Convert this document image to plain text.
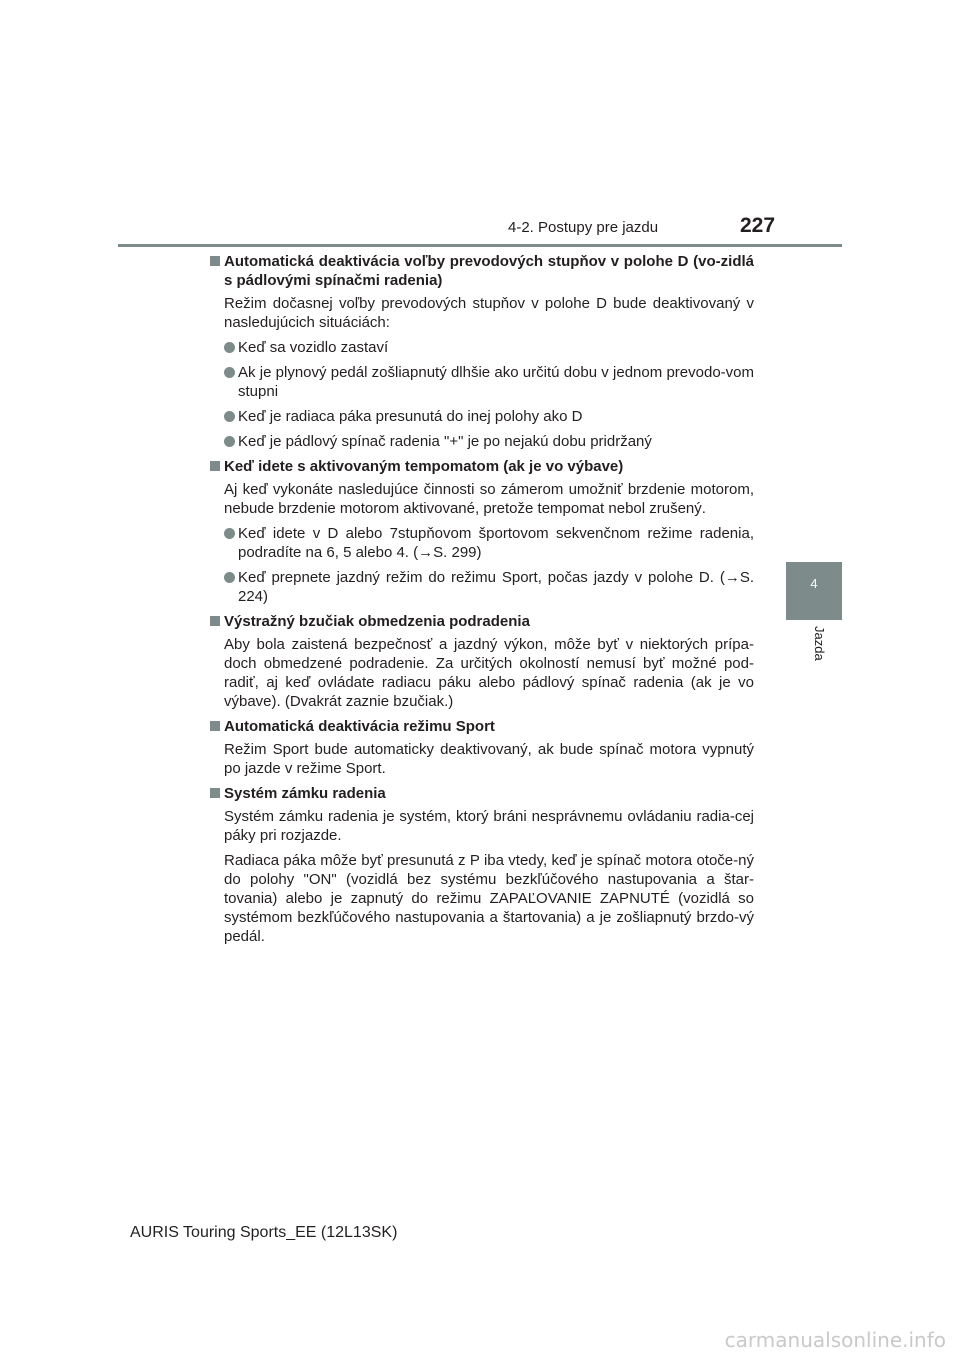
4-2. Postupy pre jazdu	227
4
Jazda
Automatická deaktivácia voľby prevodových stupňov v polohe D (vo-zidlá s pádlovými spínačmi radenia)
Režim dočasnej voľby prevodových stupňov v polohe D bude deaktivovaný v nasledujúcich situáciách:
Keď sa vozidlo zastaví
Ak je plynový pedál zošliapnutý dlhšie ako určitú dobu v jednom prevodo-vom stupni
Keď je radiaca páka presunutá do inej polohy ako D
Keď je pádlový spínač radenia "+" je po nejakú dobu pridržaný
Keď idete s aktivovaným tempomatom (ak je vo výbave)
Aj keď vykonáte nasledujúce činnosti so zámerom umožniť brzdenie motorom, nebude brzdenie motorom aktivované, pretože tempomat nebol zrušený.
Keď idete v D alebo 7stupňovom športovom sekvenčnom režime radenia, podradíte na 6, 5 alebo 4. (→S. 299)
Keď prepnete jazdný režim do režimu Sport, počas jazdy v polohe D. (→S. 224)
Výstražný bzučiak obmedzenia podradenia
Aby bola zaistená bezpečnosť a jazdný výkon, môže byť v niektorých prípa-doch obmedzené podradenie. Za určitých okolností nemusí byť možné pod-radiť, aj keď ovládate radiacu páku alebo pádlový spínač radenia (ak je vo výbave). (Dvakrát zaznie bzučiak.)
Automatická deaktivácia režimu Sport
Režim Sport bude automaticky deaktivovaný, ak bude spínač motora vypnutý po jazde v režime Sport.
Systém zámku radenia
Systém zámku radenia je systém, ktorý bráni nesprávnemu ovládaniu radia-cej páky pri rozjazde.
Radiaca páka môže byť presunutá z P iba vtedy, keď je spínač motora otoče-ný do polohy "ON" (vozidlá bez systému bezkľúčového nastupovania a štar-tovania) alebo je zapnutý do režimu ZAPAĽOVANIE ZAPNUTÉ (vozidlá so systémom bezkľúčového nastupovania a štartovania) a je zošliapnutý brzdo-vý pedál.
AURIS Touring Sports_EE (12L13SK)
carmanualsonline.info
